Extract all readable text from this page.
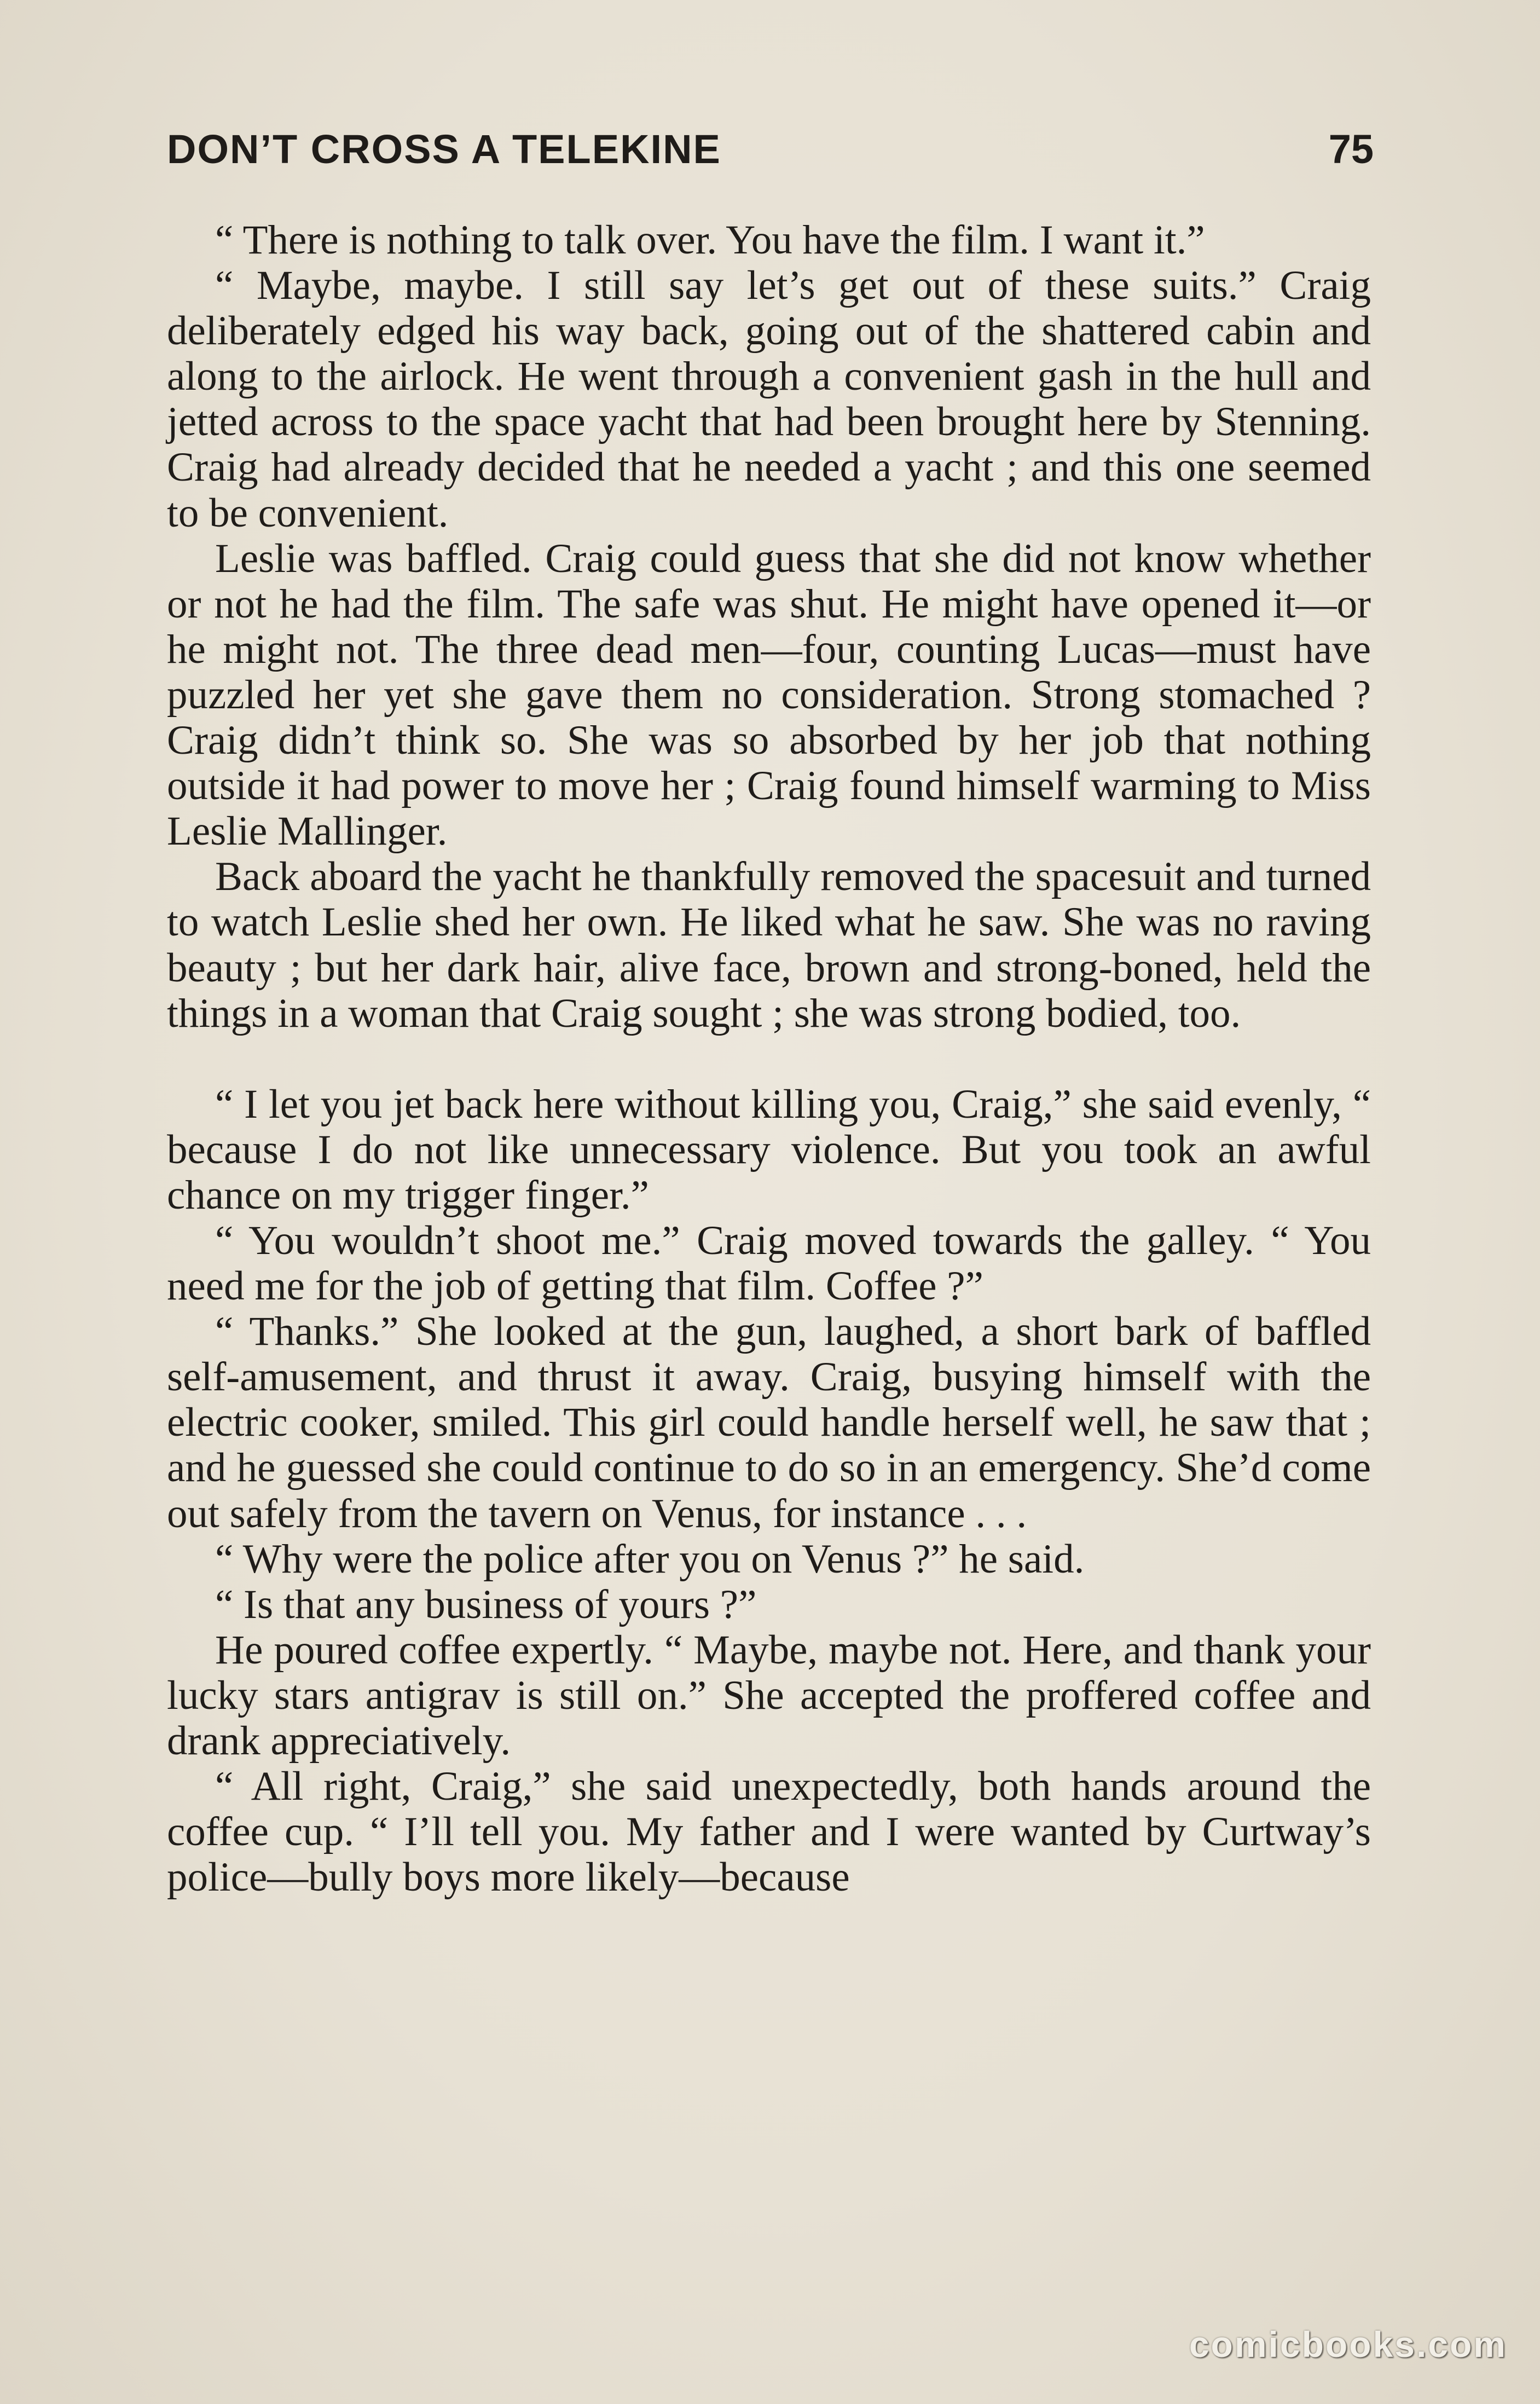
DON’T CROSS A TELEKINE	75

“ There is nothing to talk over. You have the film. I want it.”

“ Maybe, maybe. I still say let’s get out of these suits.” Craig deliberately edged his way back, going out of the shattered cabin and along to the airlock. He went through a convenient gash in the hull and jetted across to the space yacht that had been brought here by Stenning. Craig had already decided that he needed a yacht ; and this one seemed to be convenient.

Leslie was baffled. Craig could guess that she did not know whether or not he had the film. The safe was shut. He might have opened it—or he might not. The three dead men—four, counting Lucas—must have puzzled her yet she gave them no consideration. Strong stomached ? Craig didn’t think so. She was so absorbed by her job that nothing outside it had power to move her ; Craig found himself warming to Miss Leslie Mallinger.

Back aboard the yacht he thankfully removed the spacesuit and turned to watch Leslie shed her own. He liked what he saw. She was no raving beauty ; but her dark hair, alive face, brown and strong-boned, held the things in a woman that Craig sought ; she was strong bodied, too.

“ I let you jet back here without killing you, Craig,” she said evenly, “ because I do not like unnecessary violence. But you took an awful chance on my trigger finger.”

“ You wouldn’t shoot me.” Craig moved towards the galley. “ You need me for the job of getting that film. Coffee ?”

“ Thanks.” She looked at the gun, laughed, a short bark of baffled self-amusement, and thrust it away. Craig, busying himself with the electric cooker, smiled. This girl could handle herself well, he saw that ; and he guessed she could continue to do so in an emergency. She’d come out safely from the tavern on Venus, for instance . . .

“ Why were the police after you on Venus ?” he said.

“ Is that any business of yours ?”

He poured coffee expertly. “ Maybe, maybe not. Here, and thank your lucky stars antigrav is still on.” She accepted the proffered coffee and drank appreciatively.

“ All right, Craig,” she said unexpectedly, both hands around the coffee cup. “ I’ll tell you. My father and I were wanted by Curtway’s police—bully boys more likely—because

comicbooks.com
